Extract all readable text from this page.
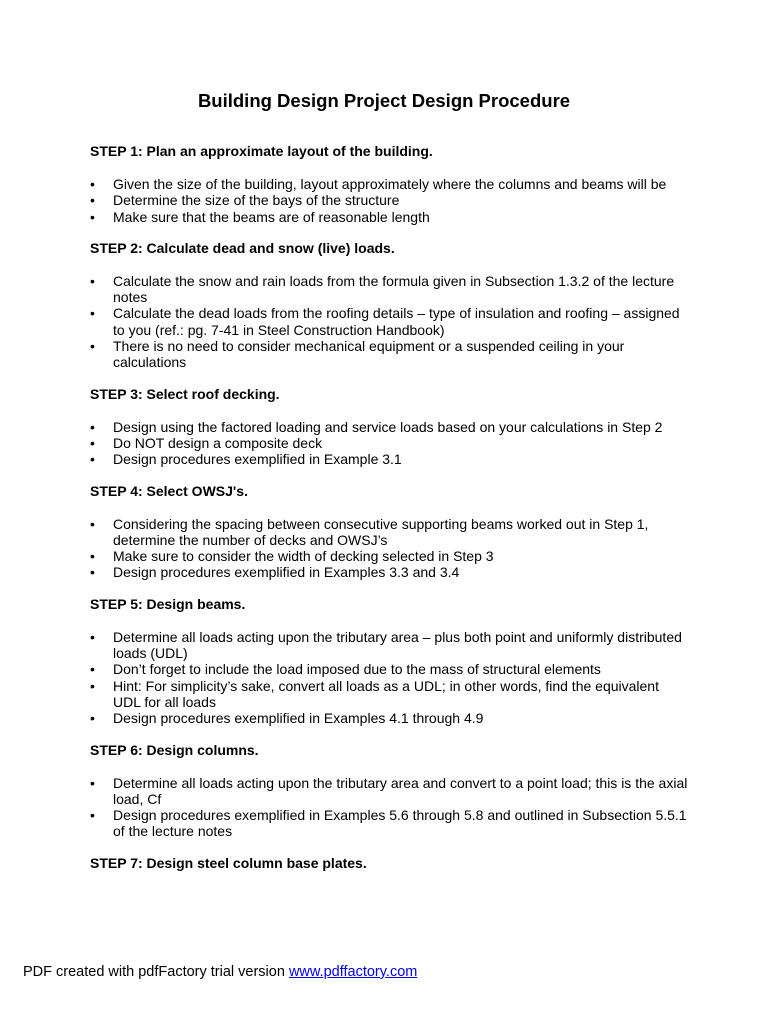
Building Design Project Design Procedure
STEP 1: Plan an approximate layout of the building.
• Given the size of the building, layout approximately where the columns and beams will be
• Determine the size of the bays of the structure
• Make sure that the beams are of reasonable length
STEP 2: Calculate dead and snow (live) loads.
• Calculate the snow and rain loads from the formula given in Subsection 1.3.2 of the lecture notes
• Calculate the dead loads from the roofing details – type of insulation and roofing – assigned to you (ref.: pg. 7-41 in Steel Construction Handbook)
• There is no need to consider mechanical equipment or a suspended ceiling in your calculations
STEP 3: Select roof decking.
• Design using the factored loading and service loads based on your calculations in Step 2
• Do NOT design a composite deck
• Design procedures exemplified in Example 3.1
STEP 4: Select OWSJ's.
• Considering the spacing between consecutive supporting beams worked out in Step 1, determine the number of decks and OWSJ’s
• Make sure to consider the width of decking selected in Step 3
• Design procedures exemplified in Examples 3.3 and 3.4
STEP 5: Design beams.
• Determine all loads acting upon the tributary area – plus both point and uniformly distributed loads (UDL)
• Don’t forget to include the load imposed due to the mass of structural elements
• Hint: For simplicity’s sake, convert all loads as a UDL; in other words, find the equivalent UDL for all loads
• Design procedures exemplified in Examples 4.1 through 4.9
STEP 6: Design columns.
• Determine all loads acting upon the tributary area and convert to a point load; this is the axial load, Cf
• Design procedures exemplified in Examples 5.6 through 5.8 and outlined in Subsection 5.5.1 of the lecture notes
STEP 7: Design steel column base plates.
PDF created with pdfFactory trial version www.pdffactory.com
